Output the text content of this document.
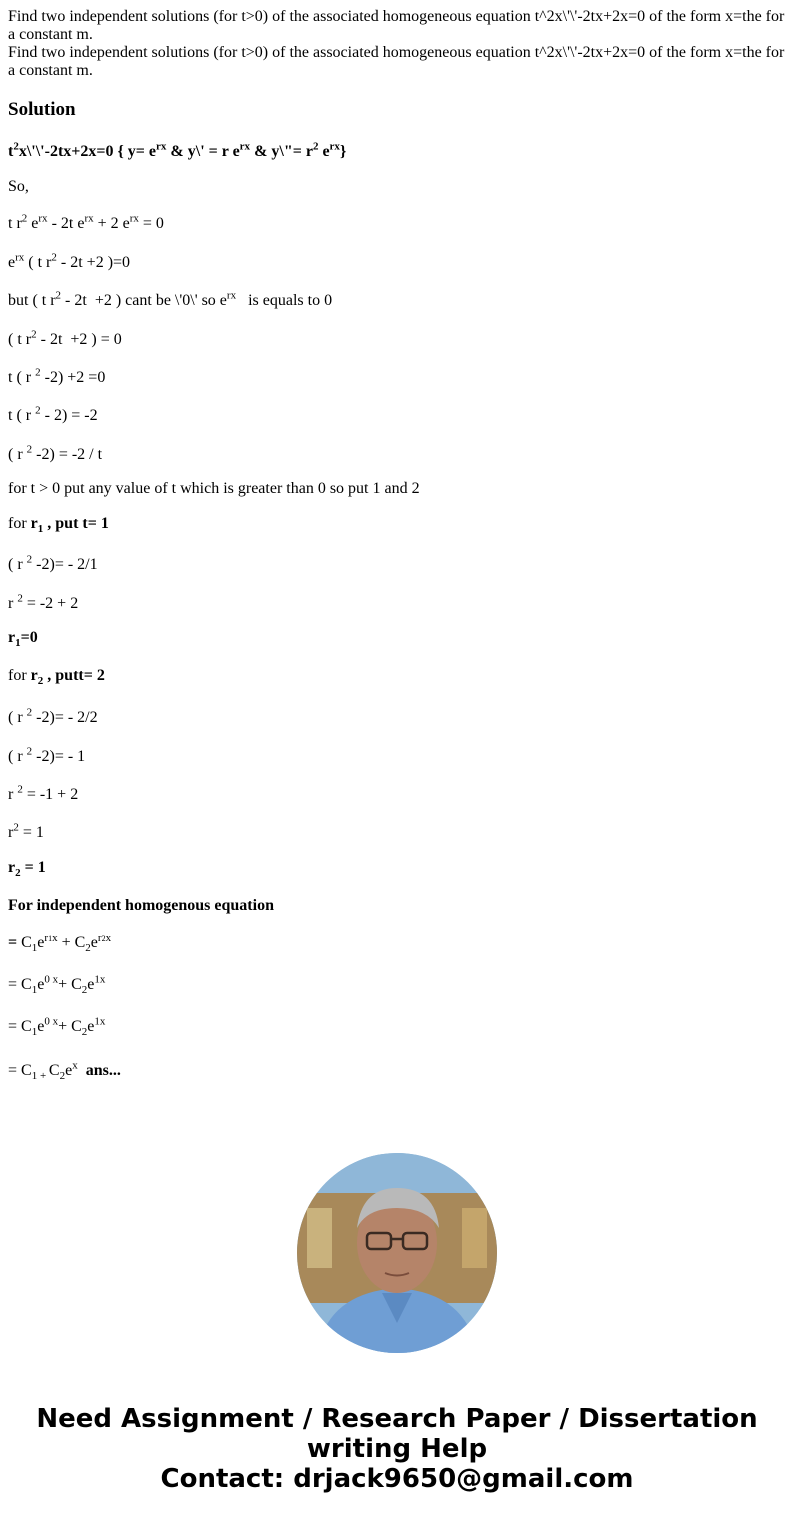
Find two independent solutions (for t>0) of the associated homogeneous equation t^2x\'\'-2tx+2x=0 of the form x=the for a constant m.

Find two independent solutions (for t>0) of the associated homogeneous equation t^2x\'\'-2tx+2x=0 of the form x=the for a constant m.

Solution

$t^2x\backslash'\backslash'-2tx+2x=0$ { $y= e^{rx}$ & y\' = r $e^{rx}$ & y\"= $r^2$ $e^{rx}$}

So,

t $r^2$ $e^{rx} - 2t$ $e^{rx} + 2$ $e^{rx} = 0$

$e^{rx}$ ( t $r^2 - 2t +2$ )=0

but ( t $r^2 - 2t +2$ ) cant be \'0\' so $e^{rx}$   is equals to 0

( t $r^2 - 2t +2$ ) = 0

t ( r $^2$ -2) +2 =0

t ( r $^2$ - 2) = -2

( r $^2$ -2) = -2 / t

for t > 0 put any value of t which is greater than 0 so put 1 and 2

for $r_1$ , put t= 1

( r $^2$ -2)= - 2/1

r $^2$ = -2 + 2

$r_1=0$

for $r_2$ , putt= 2

( r $^2$ -2)= - 2/2

( r $^2$ -2)= - 1

r $^2$ = -1 + 2

$r^2 = 1$

$r_2 = 1$

For independent homogenous equation

= $C_1e^{r1x} + C_2e^{r2x}$

= $C_1e^{0 x}+ C_2e^{1x}$

= $C_1e^{0 x}+ C_2e^{1x}$

= $C_{1 +}$ $C_2e^x$ ans...

Need Assignment / Research Paper / Dissertation
writing Help
Contact: drjack9650@gmail.com
